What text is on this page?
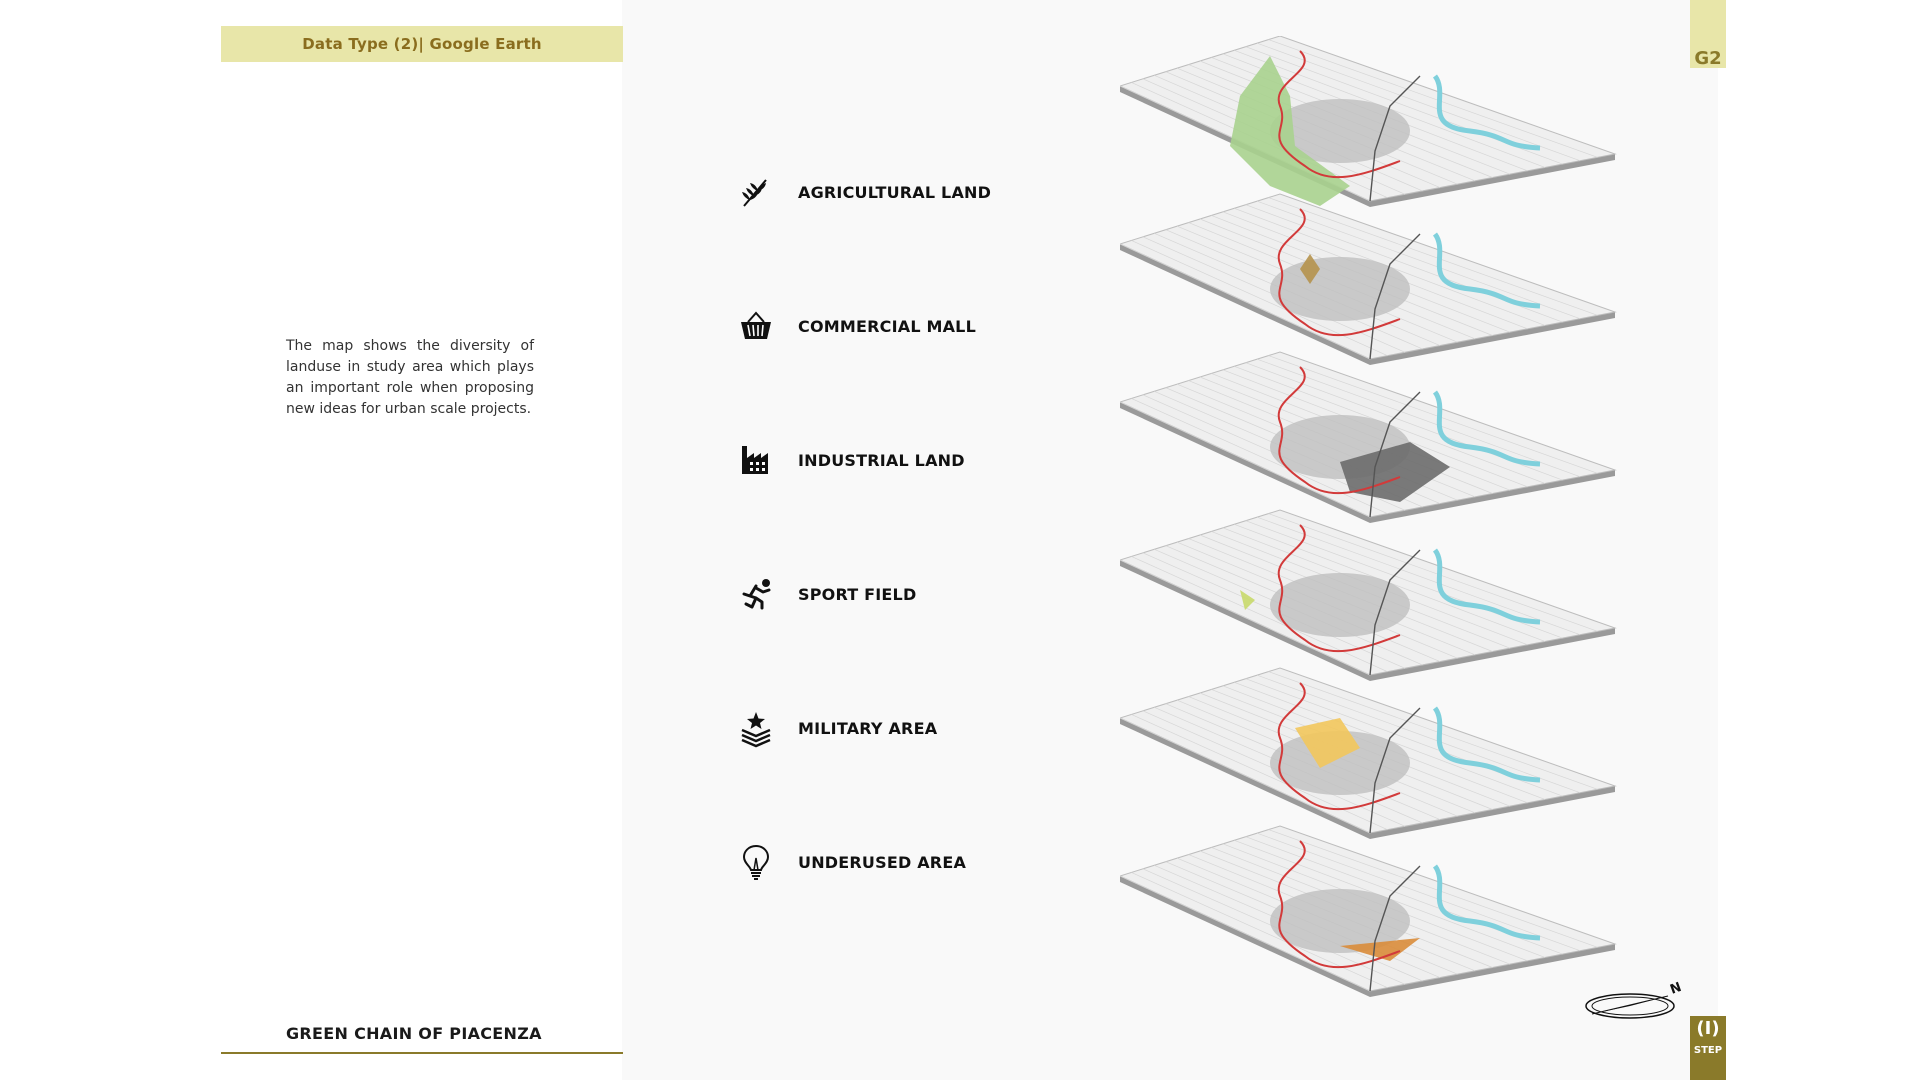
Data Type (2)| Google Earth
The map shows the diversity of landuse in study area which plays an important role when proposing new ideas for urban scale projects.
GREEN CHAIN OF PIACENZA
G2
(I)
STEP
AGRICULTURAL LAND
COMMERCIAL MALL
INDUSTRIAL LAND
SPORT FIELD
MILITARY AREA
UNDERUSED AREA
N
